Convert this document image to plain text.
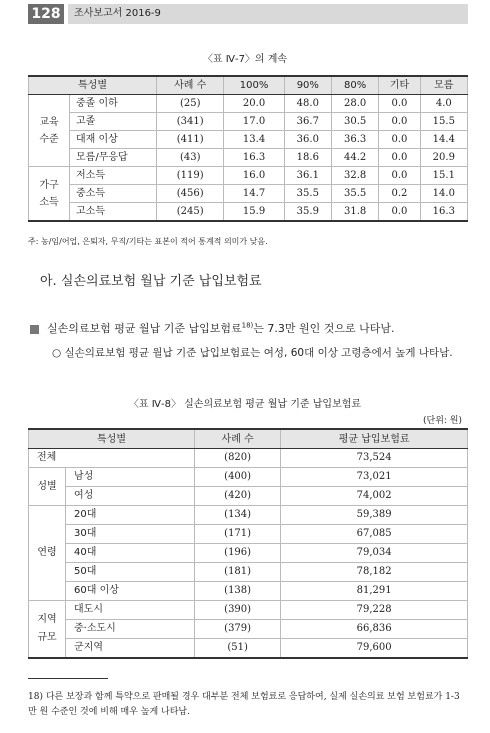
128	조사보고서 2016-9
〈표 Ⅳ-7〉의 계속
특성별		사례 수	100%	90%	80%	기타	모름
교육
수준	중졸 이하	(25)	20.0	48.0	28.0	0.0	4.0
	고졸	(341)	17.0	36.7	30.5	0.0	15.5
	대재 이상	(411)	13.4	36.0	36.3	0.0	14.4
	모름/무응답	(43)	16.3	18.6	44.2	0.0	20.9
가구
소득	저소득	(119)	16.0	36.1	32.8	0.0	15.1
	중소득	(456)	14.7	35.5	35.5	0.2	14.0
	고소득	(245)	15.9	35.9	31.8	0.0	16.3
주: 농/임/어업, 은퇴자, 무직/기타는 표본이 적어 통계적 의미가 낮음.
아. 실손의료보험 월납 기준 납입보험료
실손의료보험 평균 월납 기준 납입보험료$^{18)}$는 7.3만 원인 것으로 나타남.
○ 실손의료보험 평균 월납 기준 납입보험료는 여성, 60대 이상 고령층에서 높게 나타남.
〈표 Ⅳ-8〉 실손의료보험 평균 월납 기준 납입보험료
(단위: 원)
특성별		사례 수	평균 납입보험료
전체		(820)	73,524
성별	남성	(400)	73,021
	여성	(420)	74,002
연령	20대	(134)	59,389
	30대	(171)	67,085
	40대	(196)	79,034
	50대	(181)	78,182
	60대 이상	(138)	81,291
지역
규모	대도시	(390)	79,228
	중·소도시	(379)	66,836
	군지역	(51)	79,600
18) 다른 보장과 함께 특약으로 판매될 경우 대부분 전체 보험료로 응답하여, 실제 실손의료 보험 보험료가 1-3만 원 수준인 것에 비해 매우 높게 나타남.
